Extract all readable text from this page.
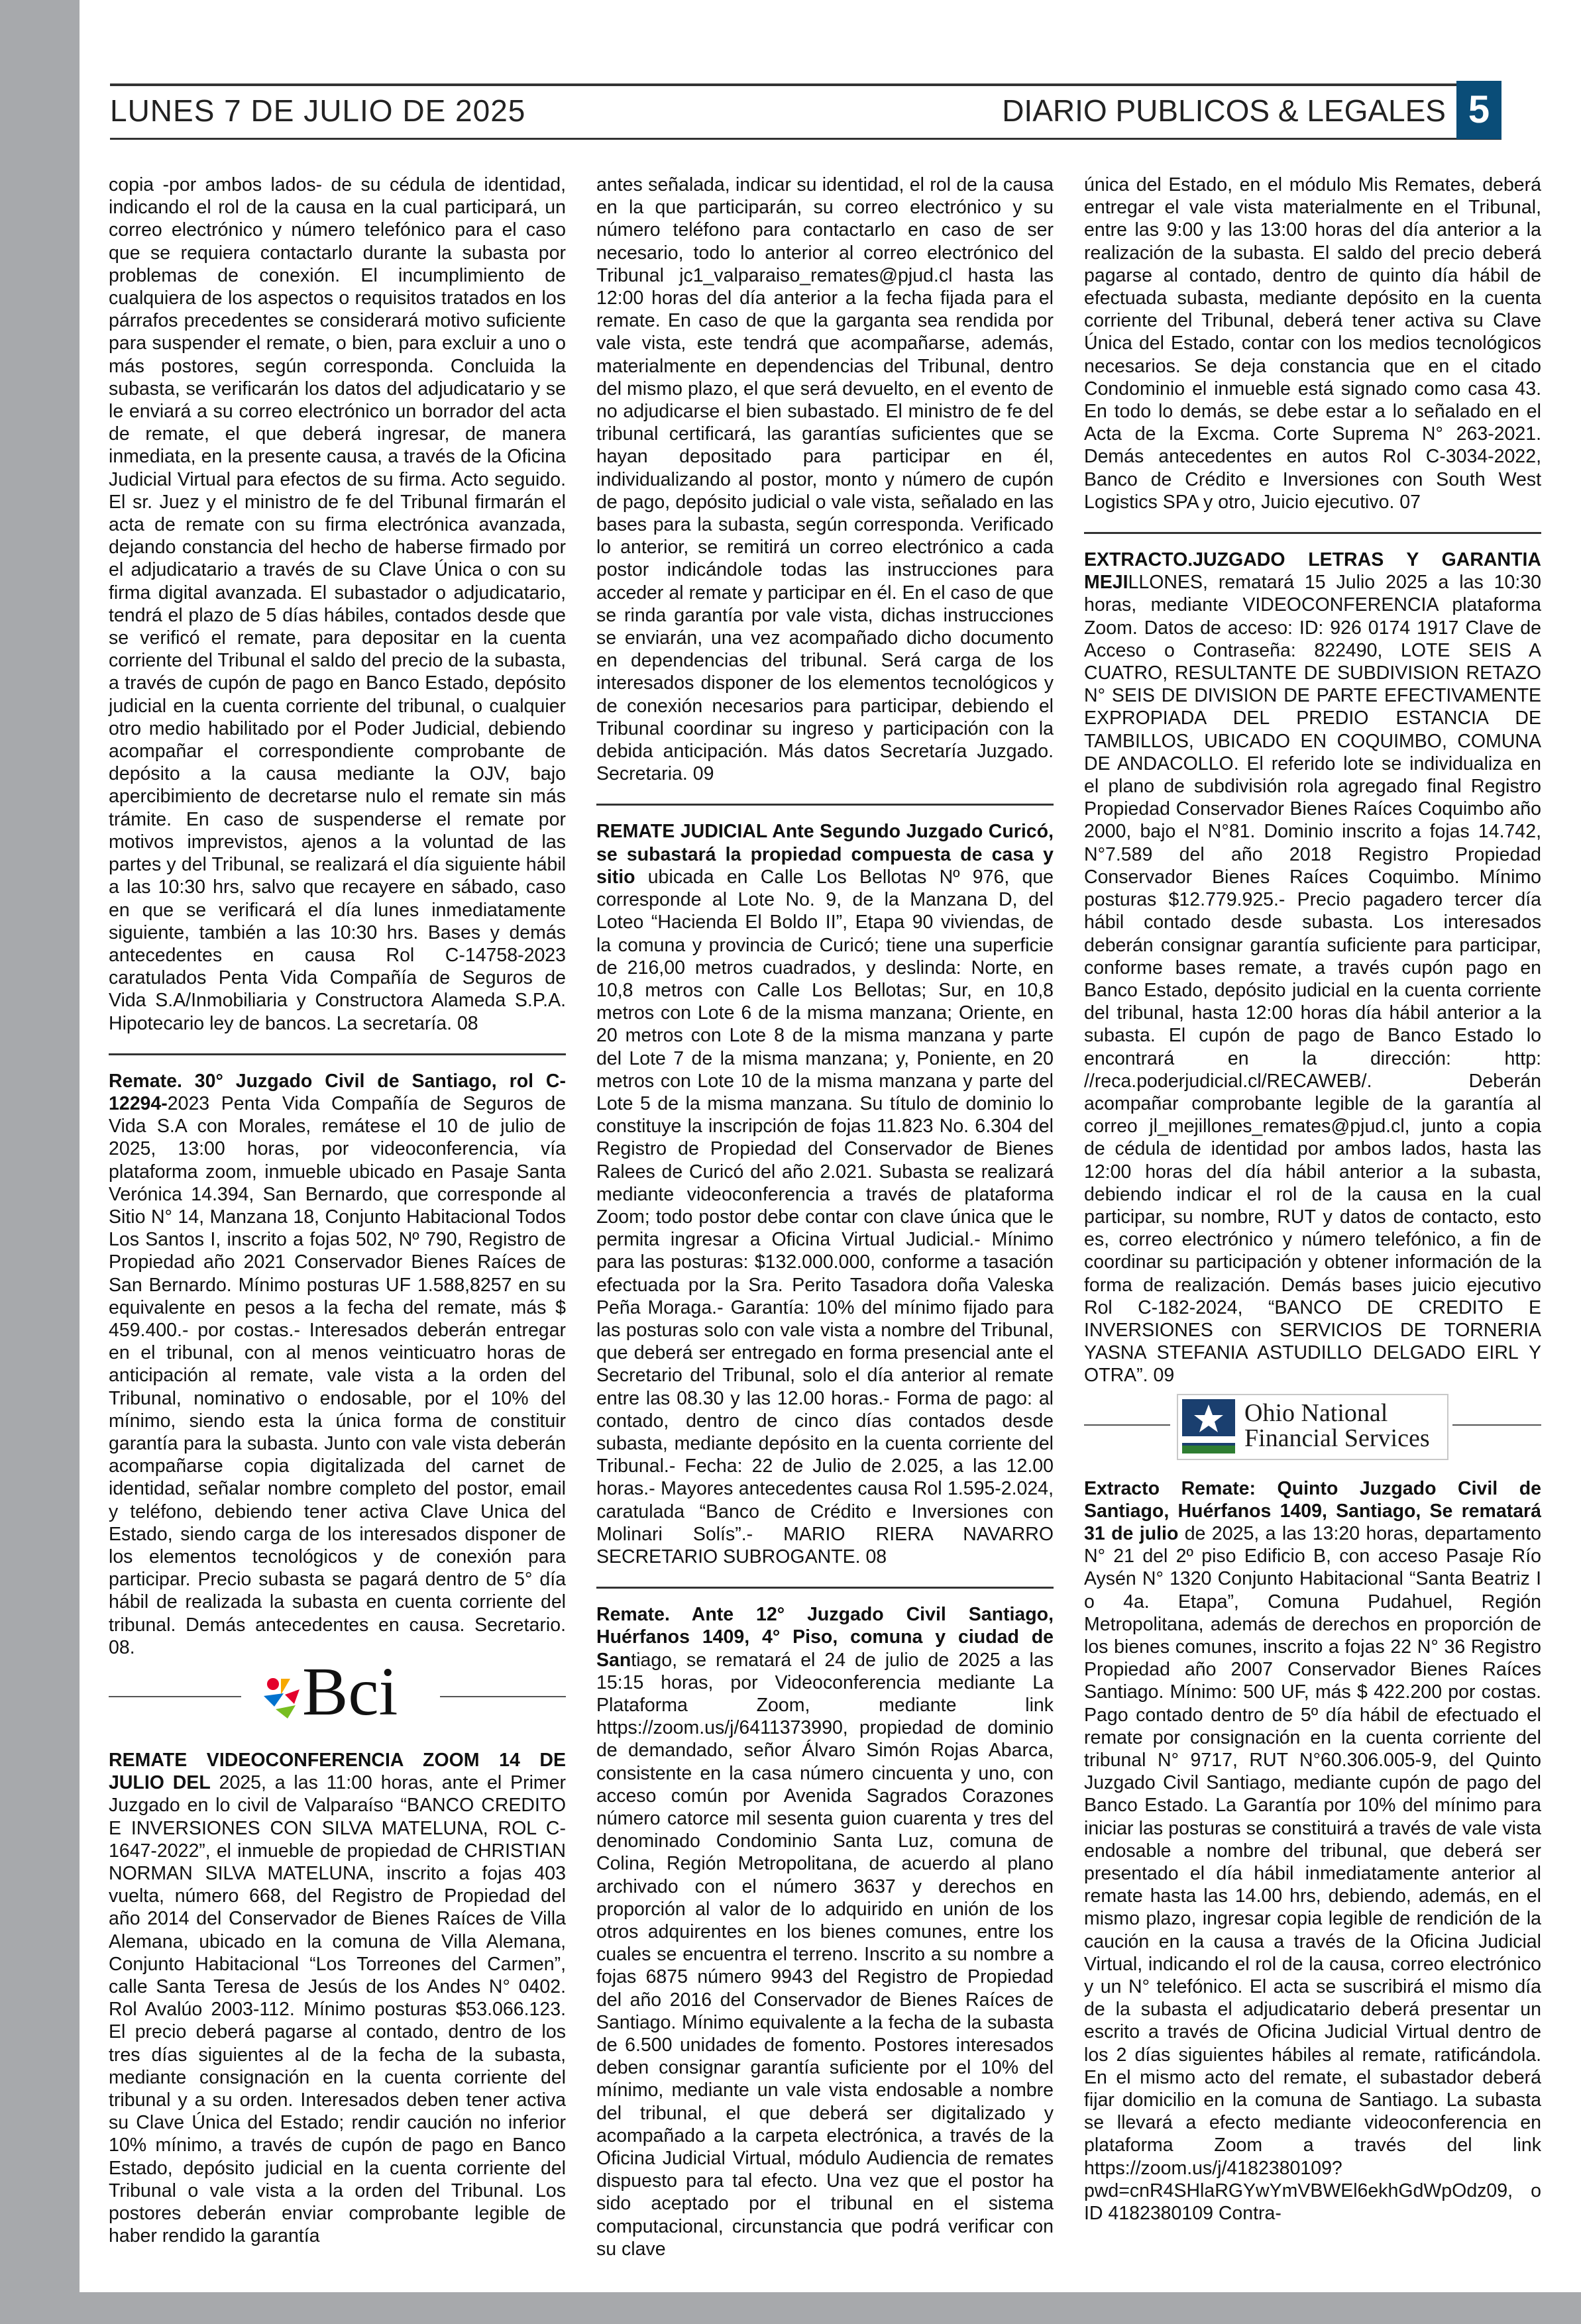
LUNES 7 DE JULIO DE 2025	DIARIO PUBLICOS & LEGALES 5

copia -por ambos lados- de su cédula de identidad, indicando el rol de la causa en la cual participará, un correo electrónico y número telefónico para el caso que se requiera contactarlo durante la subasta por problemas de conexión. El incumplimiento de cualquiera de los aspectos o requisitos tratados en los párrafos precedentes se considerará motivo suficiente para suspender el remate, o bien, para excluir a uno o más postores, según corresponda. Concluida la subasta, se verificarán los datos del adjudicatario y se le enviará a su correo electrónico un borrador del acta de remate, el que deberá ingresar, de manera inmediata, en la presente causa, a través de la Oficina Judicial Virtual para efectos de su firma. Acto seguido. El sr. Juez y el ministro de fe del Tribunal firmarán el acta de remate con su firma electrónica avanzada, dejando constancia del hecho de haberse firmado por el adjudicatario a través de su Clave Única o con su firma digital avanzada. El subastador o adjudicatario, tendrá el plazo de 5 días hábiles, contados desde que se verificó el remate, para depositar en la cuenta corriente del Tribunal el saldo del precio de la subasta, a través de cupón de pago en Banco Estado, depósito judicial en la cuenta corriente del tribunal, o cualquier otro medio habilitado por el Poder Judicial, debiendo acompañar el correspondiente comprobante de depósito a la causa mediante la OJV, bajo apercibimiento de decretarse nulo el remate sin más trámite. En caso de suspenderse el remate por motivos imprevistos, ajenos a la voluntad de las partes y del Tribunal, se realizará el día siguiente hábil a las 10:30 hrs, salvo que recayere en sábado, caso en que se verificará el día lunes inmediatamente siguiente, también a las 10:30 hrs. Bases y demás antecedentes en causa Rol C-14758-2023 caratulados Penta Vida Compañía de Seguros de Vida S.A/Inmobiliaria y Constructora Alameda S.P.A. Hipotecario ley de bancos. La secretaría. 08

Remate. 30° Juzgado Civil de Santiago, rol C-12294-2023 Penta Vida Compañía de Seguros de Vida S.A con Morales, remátese el 10 de julio de 2025, 13:00 horas, por videoconferencia, vía plataforma zoom, inmueble ubicado en Pasaje Santa Verónica 14.394, San Bernardo, que corresponde al Sitio N° 14, Manzana 18, Conjunto Habitacional Todos Los Santos I, inscrito a fojas 502, Nº 790, Registro de Propiedad año 2021 Conservador Bienes Raíces de San Bernardo. Mínimo posturas UF 1.588,8257 en su equivalente en pesos a la fecha del remate, más $ 459.400.- por costas.- Interesados deberán entregar en el tribunal, con al menos veinticuatro horas de anticipación al remate, vale vista a la orden del Tribunal, nominativo o endosable, por el 10% del mínimo, siendo esta la única forma de constituir garantía para la subasta. Junto con vale vista deberán acompañarse copia digitalizada del carnet de identidad, señalar nombre completo del postor, email y teléfono, debiendo tener activa Clave Unica del Estado, siendo carga de los interesados disponer de los elementos tecnológicos y de conexión para participar. Precio subasta se pagará dentro de 5° día hábil de realizada la subasta en cuenta corriente del tribunal. Demás antecedentes en causa. Secretario. 08.

Bci

REMATE VIDEOCONFERENCIA ZOOM 14 DE JULIO DEL 2025, a las 11:00 horas, ante el Primer Juzgado en lo civil de Valparaíso “BANCO CREDITO E INVERSIONES CON SILVA MATELUNA, ROL C-1647-2022”, el inmueble de propiedad de CHRISTIAN NORMAN SILVA MATELUNA, inscrito a fojas 403 vuelta, número 668, del Registro de Propiedad del año 2014 del Conservador de Bienes Raíces de Villa Alemana, ubicado en la comuna de Villa Alemana, Conjunto Habitacional “Los Torreones del Carmen”, calle Santa Teresa de Jesús de los Andes N° 0402. Rol Avalúo 2003-112. Mínimo posturas $53.066.123. El precio deberá pagarse al contado, dentro de los tres días siguientes al de la fecha de la subasta, mediante consignación en la cuenta corriente del tribunal y a su orden. Interesados deben tener activa su Clave Única del Estado; rendir caución no inferior 10% mínimo, a través de cupón de pago en Banco Estado, depósito judicial en la cuenta corriente del Tribunal o vale vista a la orden del Tribunal. Los postores deberán enviar comprobante legible de haber rendido la garantía

antes señalada, indicar su identidad, el rol de la causa en la que participarán, su correo electrónico y su número teléfono para contactarlo en caso de ser necesario, todo lo anterior al correo electrónico del Tribunal jc1_valparaiso_remates@pjud.cl hasta las 12:00 horas del día anterior a la fecha fijada para el remate. En caso de que la garganta sea rendida por vale vista, este tendrá que acompañarse, además, materialmente en dependencias del Tribunal, dentro del mismo plazo, el que será devuelto, en el evento de no adjudicarse el bien subastado. El ministro de fe del tribunal certificará, las garantías suficientes que se hayan depositado para participar en él, individualizando al postor, monto y número de cupón de pago, depósito judicial o vale vista, señalado en las bases para la subasta, según corresponda. Verificado lo anterior, se remitirá un correo electrónico a cada postor indicándole todas las instrucciones para acceder al remate y participar en él. En el caso de que se rinda garantía por vale vista, dichas instrucciones se enviarán, una vez acompañado dicho documento en dependencias del tribunal. Será carga de los interesados disponer de los elementos tecnológicos y de conexión necesarios para participar, debiendo el Tribunal coordinar su ingreso y participación con la debida anticipación. Más datos Secretaría Juzgado. Secretaria. 09

REMATE JUDICIAL Ante Segundo Juzgado Curicó, se subastará la propiedad compuesta de casa y sitio ubicada en Calle Los Bellotas Nº 976, que corresponde al Lote No. 9, de la Manzana D, del Loteo “Hacienda El Boldo II”, Etapa 90 viviendas, de la comuna y provincia de Curicó; tiene una superficie de 216,00 metros cuadrados, y deslinda: Norte, en 10,8 metros con Calle Los Bellotas; Sur, en 10,8 metros con Lote 6 de la misma manzana; Oriente, en 20 metros con Lote 8 de la misma manzana y parte del Lote 7 de la misma manzana; y, Poniente, en 20 metros con Lote 10 de la misma manzana y parte del Lote 5 de la misma manzana. Su título de dominio lo constituye la inscripción de fojas 11.823 No. 6.304 del Registro de Propiedad del Conservador de Bienes Ralees de Curicó del año 2.021. Subasta se realizará mediante videoconferencia a través de plataforma Zoom; todo postor debe contar con clave única que le permita ingresar a Oficina Virtual Judicial.- Mínimo para las posturas: $132.000.000, conforme a tasación efectuada por la Sra. Perito Tasadora doña Valeska Peña Moraga.- Garantía: 10% del mínimo fijado para las posturas solo con vale vista a nombre del Tribunal, que deberá ser entregado en forma presencial ante el Secretario del Tribunal, solo el día anterior al remate entre las 08.30 y las 12.00 horas.- Forma de pago: al contado, dentro de cinco días contados desde subasta, mediante depósito en la cuenta corriente del Tribunal.- Fecha: 22 de Julio de 2.025, a las 12.00 horas.- Mayores antecedentes causa Rol 1.595-2.024, caratulada “Banco de Crédito e Inversiones con Molinari Solís”.- MARIO RIERA NAVARRO SECRETARIO SUBROGANTE. 08

Remate. Ante 12° Juzgado Civil Santiago, Huérfanos 1409, 4° Piso, comuna y ciudad de Santiago, se rematará el 24 de julio de 2025 a las 15:15 horas, por Videoconferencia mediante La Plataforma Zoom, mediante link https://zoom.us/j/6411373990, propiedad de dominio de demandado, señor Álvaro Simón Rojas Abarca, consistente en la casa número cincuenta y uno, con acceso común por Avenida Sagrados Corazones número catorce mil sesenta guion cuarenta y tres del denominado Condominio Santa Luz, comuna de Colina, Región Metropolitana, de acuerdo al plano archivado con el número 3637 y derechos en proporción al valor de lo adquirido en unión de los otros adquirentes en los bienes comunes, entre los cuales se encuentra el terreno. Inscrito a su nombre a fojas 6875 número 9943 del Registro de Propiedad del año 2016 del Conservador de Bienes Raíces de Santiago. Mínimo equivalente a la fecha de la subasta de 6.500 unidades de fomento. Postores interesados deben consignar garantía suficiente por el 10% del mínimo, mediante un vale vista endosable a nombre del tribunal, el que deberá ser digitalizado y acompañado a la carpeta electrónica, a través de la Oficina Judicial Virtual, módulo Audiencia de remates dispuesto para tal efecto. Una vez que el postor ha sido aceptado por el tribunal en el sistema computacional, circunstancia que podrá verificar con su clave

única del Estado, en el módulo Mis Remates, deberá entregar el vale vista materialmente en el Tribunal, entre las 9:00 y las 13:00 horas del día anterior a la realización de la subasta. El saldo del precio deberá pagarse al contado, dentro de quinto día hábil de efectuada subasta, mediante depósito en la cuenta corriente del Tribunal, deberá tener activa su Clave Única del Estado, contar con los medios tecnológicos necesarios. Se deja constancia que en el citado Condominio el inmueble está signado como casa 43. En todo lo demás, se debe estar a lo señalado en el Acta de la Excma. Corte Suprema N° 263-2021. Demás antecedentes en autos Rol C-3034-2022, Banco de Crédito e Inversiones con South West Logistics SPA y otro, Juicio ejecutivo. 07

EXTRACTO.JUZGADO LETRAS Y GARANTIA MEJILLONES, rematará 15 Julio 2025 a las 10:30 horas, mediante VIDEOCONFERENCIA plataforma Zoom. Datos de acceso: ID: 926 0174 1917 Clave de Acceso o Contraseña: 822490, LOTE SEIS A CUATRO, RESULTANTE DE SUBDIVISION RETAZO N° SEIS DE DIVISION DE PARTE EFECTIVAMENTE EXPROPIADA DEL PREDIO ESTANCIA DE TAMBILLOS, UBICADO EN COQUIMBO, COMUNA DE ANDACOLLO. El referido lote se individualiza en el plano de subdivisión rola agregado final Registro Propiedad Conservador Bienes Raíces Coquimbo año 2000, bajo el N°81. Dominio inscrito a fojas 14.742, N°7.589 del año 2018 Registro Propiedad Conservador Bienes Raíces Coquimbo. Mínimo posturas $12.779.925.- Precio pagadero tercer día hábil contado desde subasta. Los interesados deberán consignar garantía suficiente para participar, conforme bases remate, a través cupón pago en Banco Estado, depósito judicial en la cuenta corriente del tribunal, hasta 12:00 horas día hábil anterior a la subasta. El cupón de pago de Banco Estado lo encontrará en la dirección: http: //reca.poderjudicial.cl/RECAWEB/. Deberán acompañar comprobante legible de la garantía al correo jl_mejillones_remates@pjud.cl, junto a copia de cédula de identidad por ambos lados, hasta las 12:00 horas del día hábil anterior a la subasta, debiendo indicar el rol de la causa en la cual participar, su nombre, RUT y datos de contacto, esto es, correo electrónico y número telefónico, a fin de coordinar su participación y obtener información de la forma de realización. Demás bases juicio ejecutivo Rol C-182-2024, “BANCO DE CREDITO E INVERSIONES con SERVICIOS DE TORNERIA YASNA STEFANIA ASTUDILLO DELGADO EIRL Y OTRA”. 09

Ohio National
Financial Services

Extracto Remate: Quinto Juzgado Civil de Santiago, Huérfanos 1409, Santiago, Se rematará 31 de julio de 2025, a las 13:20 horas, departamento N° 21 del 2º piso Edificio B, con acceso Pasaje Río Aysén N° 1320 Conjunto Habitacional “Santa Beatriz I o 4a. Etapa”, Comuna Pudahuel, Región Metropolitana, además de derechos en proporción de los bienes comunes, inscrito a fojas 22 N° 36 Registro Propiedad año 2007 Conservador Bienes Raíces Santiago. Mínimo: 500 UF, más $ 422.200 por costas. Pago contado dentro de 5º día hábil de efectuado el remate por consignación en la cuenta corriente del tribunal N° 9717, RUT N°60.306.005-9, del Quinto Juzgado Civil Santiago, mediante cupón de pago del Banco Estado. La Garantía por 10% del mínimo para iniciar las posturas se constituirá a través de vale vista endosable a nombre del tribunal, que deberá ser presentado el día hábil inmediatamente anterior al remate hasta las 14.00 hrs, debiendo, además, en el mismo plazo, ingresar copia legible de rendición de la caución en la causa a través de la Oficina Judicial Virtual, indicando el rol de la causa, correo electrónico y un N° telefónico. El acta se suscribirá el mismo día de la subasta el adjudicatario deberá presentar un escrito a través de Oficina Judicial Virtual dentro de los 2 días siguientes hábiles al remate, ratificándola. En el mismo acto del remate, el subastador deberá fijar domicilio en la comuna de Santiago. La subasta se llevará a efecto mediante videoconferencia en plataforma Zoom a través del link https://zoom.us/j/4182380109?pwd=cnR4SHlaRGYwYmVBWEl6ekhGdWpOdz09, o ID 4182380109 Contra-
